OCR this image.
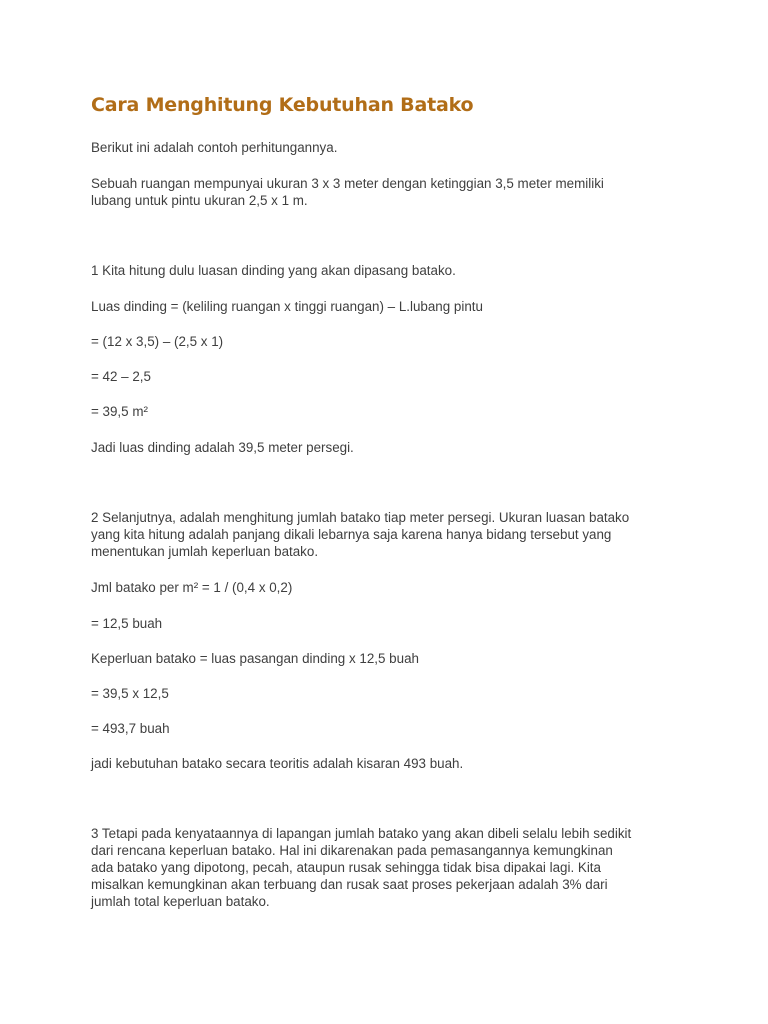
Cara Menghitung Kebutuhan Batako

Berikut ini adalah contoh perhitungannya.

Sebuah ruangan mempunyai ukuran 3 x 3 meter dengan ketinggian 3,5 meter memiliki

lubang untuk pintu ukuran 2,5 x 1 m.

1 Kita hitung dulu luasan dinding yang akan dipasang batako.

Luas dinding = (keliling ruangan x tinggi ruangan) – L.lubang pintu

= (12 x 3,5) – (2,5 x 1)

= 42 – 2,5

= 39,5 m²

Jadi luas dinding adalah 39,5 meter persegi.

2 Selanjutnya, adalah menghitung jumlah batako tiap meter persegi. Ukuran luasan batako

yang kita hitung adalah panjang dikali lebarnya saja karena hanya bidang tersebut yang

menentukan jumlah keperluan batako.

Jml batako per m² = 1 / (0,4 x 0,2)

= 12,5 buah

Keperluan batako = luas pasangan dinding x 12,5 buah

= 39,5 x 12,5

= 493,7 buah

jadi kebutuhan batako secara teoritis adalah kisaran 493 buah.

3 Tetapi pada kenyataannya di lapangan jumlah batako yang akan dibeli selalu lebih sedikit

dari rencana keperluan batako. Hal ini dikarenakan pada pemasangannya kemungkinan

ada batako yang dipotong, pecah, ataupun rusak sehingga tidak bisa dipakai lagi. Kita

misalkan kemungkinan akan terbuang dan rusak saat proses pekerjaan adalah 3% dari

jumlah total keperluan batako.
